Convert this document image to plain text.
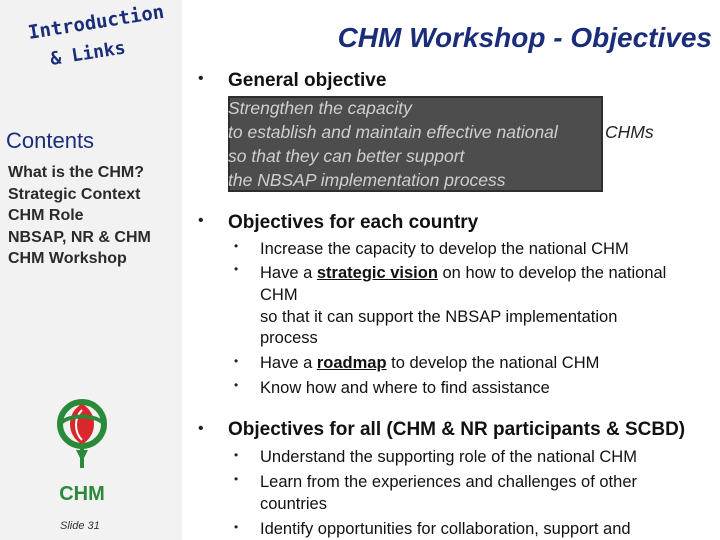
Introduction
& Links
Contents
What is the CHM?
Strategic Context
CHM Role
NBSAP, NR & CHM
CHM Workshop
CHM
Slide 31
CHM Workshop - Objectives
• General objective
Strengthen the capacity
to establish and maintain effective national	CHMs
so that they can better support
the NBSAP implementation process
• Objectives for each country
• Increase the capacity to develop the national CHM
• Have a strategic vision on how to develop the national
CHM
so that it can support the NBSAP implementation
process
• Have a roadmap to develop the national CHM
• Know how and where to find assistance
• Objectives for all (CHM & NR participants & SCBD)
• Understand the supporting role of the national CHM
• Learn from the experiences and challenges of other
countries
• Identify opportunities for collaboration, support and
